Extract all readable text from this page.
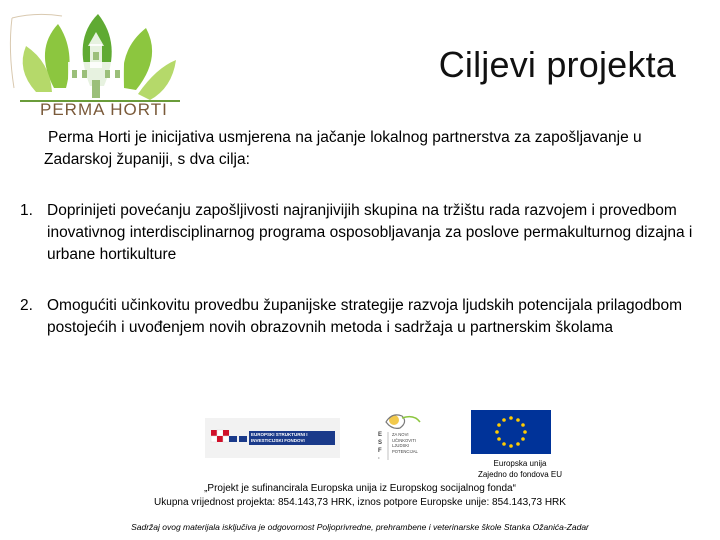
PERMA HORTI
Ciljevi projekta

Perma Horti je inicijativa usmjerena na jačanje lokalnog partnerstva za zapošljavanje u Zadarskoj županiji, s dva cilja:

1. Doprinijeti povećanju zapošljivosti najranjivijih skupina na tržištu rada razvojem i provedbom inovativnog interdisciplinarnog programa osposobljavanja za poslove permakulturnog dizajna i urbane hortikulture
2. Omogućiti učinkovitu provedbu županijske strategije razvoja ljudskih potencijala prilagodbom postojećih i uvođenjem novih obrazovnih metoda i sadržaja u partnerskim školama
EUROPSKI STRUKTURNI I INVESTICIJSKI FONDOVI
E
S
F
·
ZA NOVI UČINKOVITI LJUDSKI POTENCIJAL
Europska unija
Zajedno do fondova EU
„Projekt je sufinancirala Europska unija iz Europskog socijalnog fonda“
Ukupna vrijednost projekta: 854.143,73 HRK, iznos potpore Europske unije: 854.143,73 HRK
Sadržaj ovog materijala isključiva je odgovornost Poljoprivredne, prehrambene i veterinarske škole Stanka Ožanića-Zadar
